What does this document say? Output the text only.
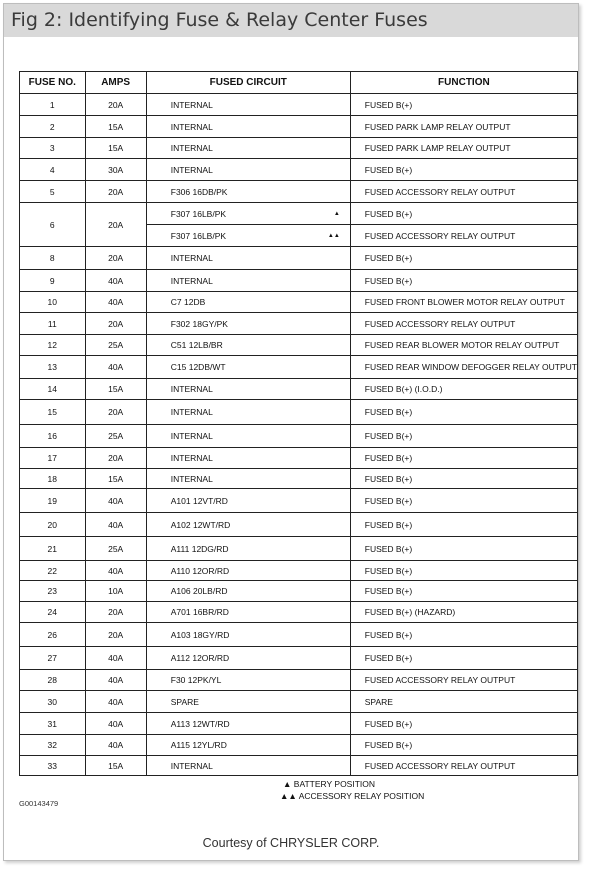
Fig 2: Identifying Fuse & Relay Center Fuses
FUSE NO.	AMPS	FUSED CIRCUIT	FUNCTION
1	20A	INTERNAL	FUSED B(+)
2	15A	INTERNAL	FUSED PARK LAMP RELAY OUTPUT
3	15A	INTERNAL	FUSED PARK LAMP RELAY OUTPUT
4	30A	INTERNAL	FUSED B(+)
5	20A	F306 16DB/PK	FUSED ACCESSORY RELAY OUTPUT
6	20A	F307 16LB/PK ▲	FUSED B(+)
		F307 16LB/PK ▲▲	FUSED ACCESSORY RELAY OUTPUT
8	20A	INTERNAL	FUSED B(+)
9	40A	INTERNAL	FUSED B(+)
10	40A	C7 12DB	FUSED FRONT BLOWER MOTOR RELAY OUTPUT
11	20A	F302 18GY/PK	FUSED ACCESSORY RELAY OUTPUT
12	25A	C51 12LB/BR	FUSED REAR BLOWER MOTOR RELAY OUTPUT
13	40A	C15 12DB/WT	FUSED REAR WINDOW DEFOGGER RELAY OUTPUT
14	15A	INTERNAL	FUSED B(+) (I.O.D.)
15	20A	INTERNAL	FUSED B(+)
16	25A	INTERNAL	FUSED B(+)
17	20A	INTERNAL	FUSED B(+)
18	15A	INTERNAL	FUSED B(+)
19	40A	A101 12VT/RD	FUSED B(+)
20	40A	A102 12WT/RD	FUSED B(+)
21	25A	A111 12DG/RD	FUSED B(+)
22	40A	A110 12OR/RD	FUSED B(+)
23	10A	A106 20LB/RD	FUSED B(+)
24	20A	A701 16BR/RD	FUSED B(+) (HAZARD)
26	20A	A103 18GY/RD	FUSED B(+)
27	40A	A112 12OR/RD	FUSED B(+)
28	40A	F30 12PK/YL	FUSED ACCESSORY RELAY OUTPUT
30	40A	SPARE	SPARE
31	40A	A113 12WT/RD	FUSED B(+)
32	40A	A115 12YL/RD	FUSED B(+)
33	15A	INTERNAL	FUSED ACCESSORY RELAY OUTPUT
▲ BATTERY POSITION
▲▲ ACCESSORY RELAY POSITION
G00143479
Courtesy of CHRYSLER CORP.
